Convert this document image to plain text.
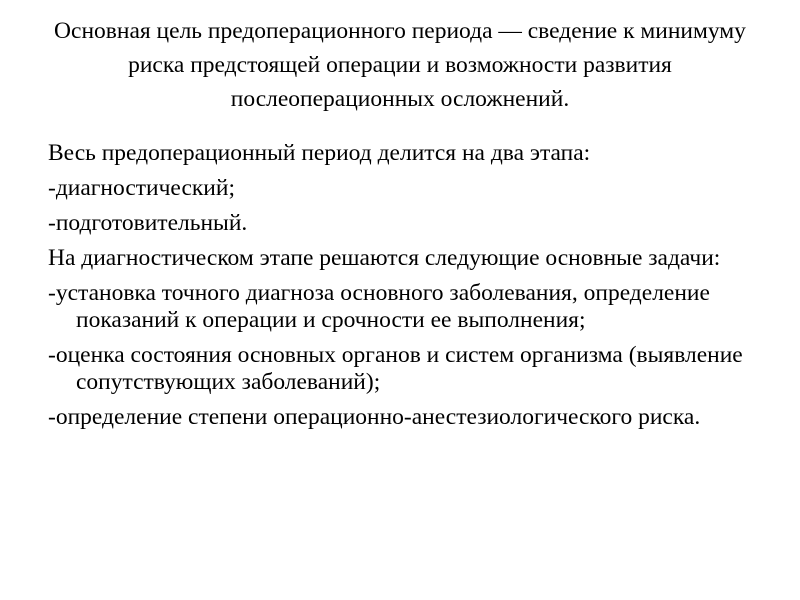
Основная цель предоперационного периода — сведение к минимуму риска предстоящей операции и возможности развития послеоперационных осложнений.

Весь предоперационный период делится на два этапа:
-диагностический;
-подготовительный.
На диагностическом этапе решаются следующие основные задачи:
-установка точного диагноза основного заболевания, определение показаний к операции и срочности ее выполнения;
-оценка состояния основных органов и систем организма (выявление сопутствующих заболеваний);
-определение степени операционно-анестезиологического риска.
